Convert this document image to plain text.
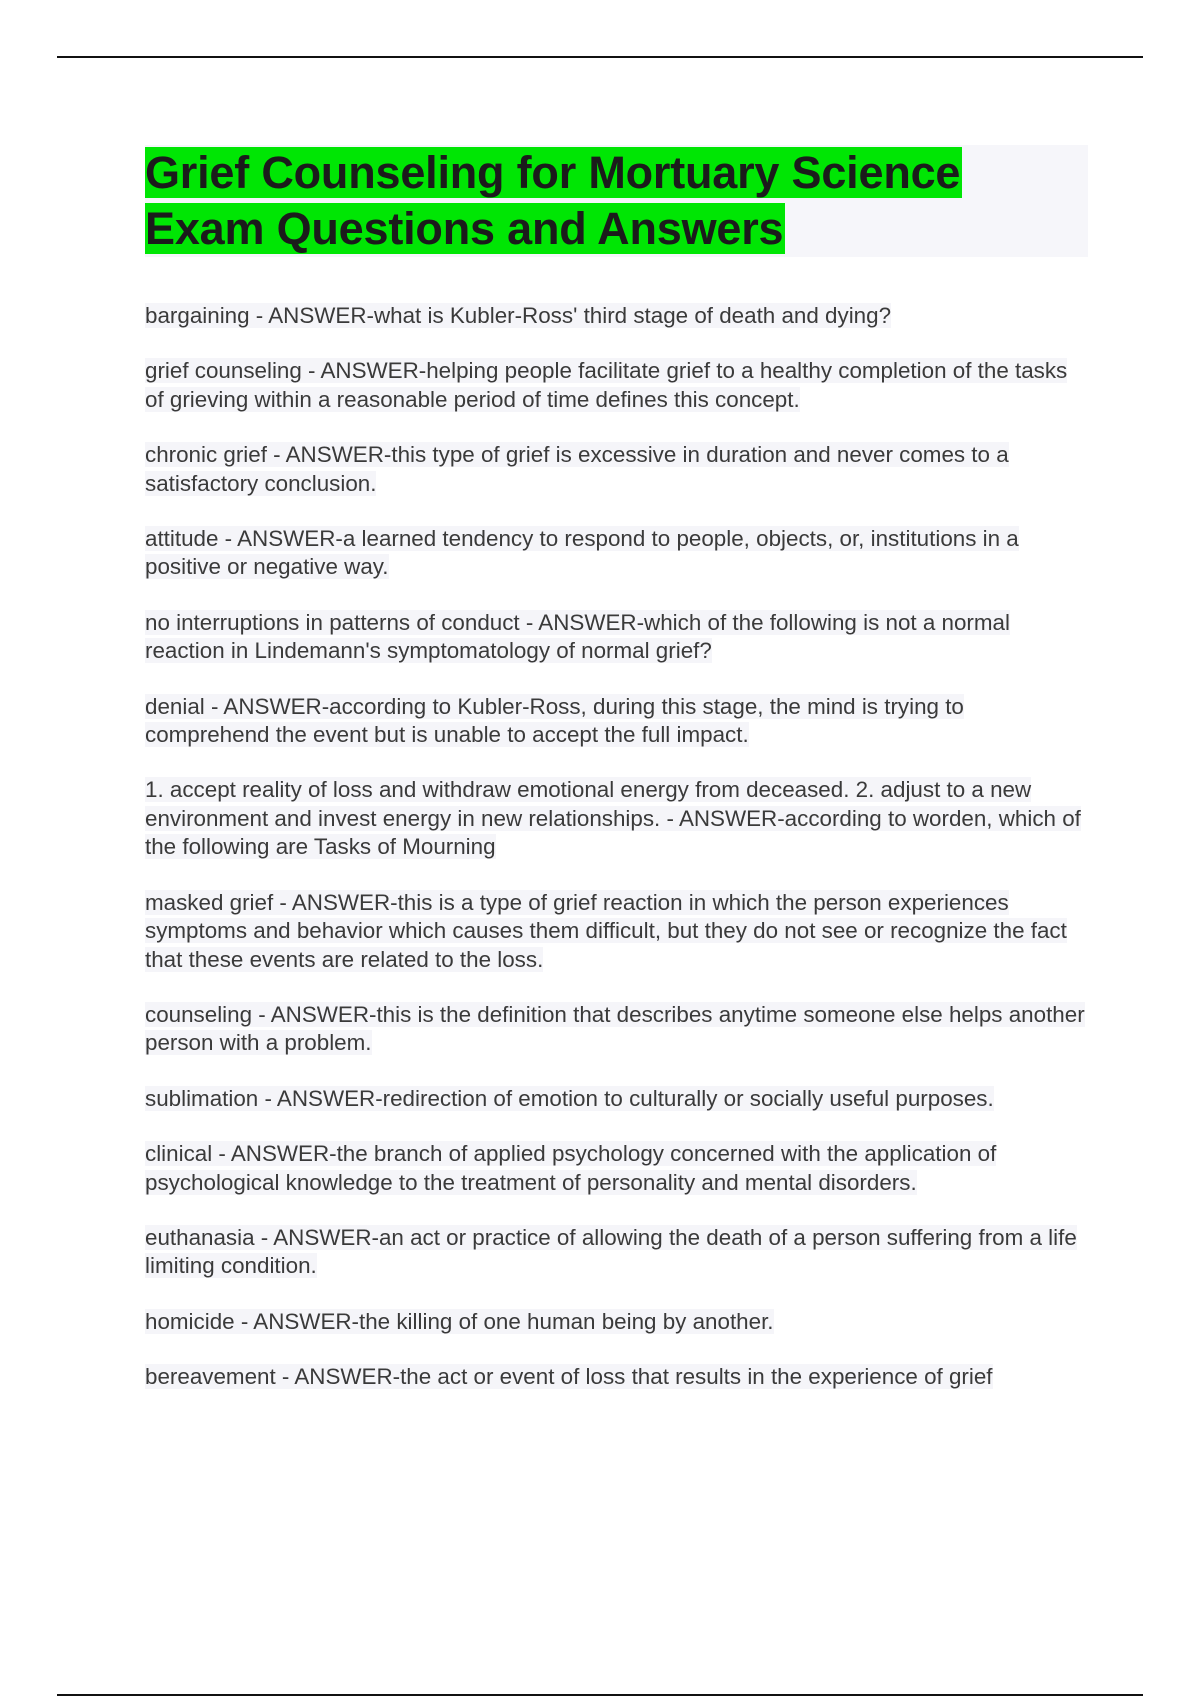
Grief Counseling for Mortuary Science
Exam Questions and Answers
bargaining - ANSWER-what is Kubler-Ross' third stage of death and dying?
grief counseling - ANSWER-helping people facilitate grief to a healthy completion of the tasks of grieving within a reasonable period of time defines this concept.
chronic grief - ANSWER-this type of grief is excessive in duration and never comes to a satisfactory conclusion.
attitude - ANSWER-a learned tendency to respond to people, objects, or, institutions in a positive or negative way.
no interruptions in patterns of conduct - ANSWER-which of the following is not a normal reaction in Lindemann's symptomatology of normal grief?
denial - ANSWER-according to Kubler-Ross, during this stage, the mind is trying to comprehend the event but is unable to accept the full impact.
1. accept reality of loss and withdraw emotional energy from deceased. 2. adjust to a new environment and invest energy in new relationships. - ANSWER-according to worden, which of the following are Tasks of Mourning
masked grief - ANSWER-this is a type of grief reaction in which the person experiences symptoms and behavior which causes them difficult, but they do not see or recognize the fact that these events are related to the loss.
counseling - ANSWER-this is the definition that describes anytime someone else helps another person with a problem.
sublimation - ANSWER-redirection of emotion to culturally or socially useful purposes.
clinical - ANSWER-the branch of applied psychology concerned with the application of psychological knowledge to the treatment of personality and mental disorders.
euthanasia - ANSWER-an act or practice of allowing the death of a person suffering from a life limiting condition.
homicide - ANSWER-the killing of one human being by another.
bereavement - ANSWER-the act or event of loss that results in the experience of grief
